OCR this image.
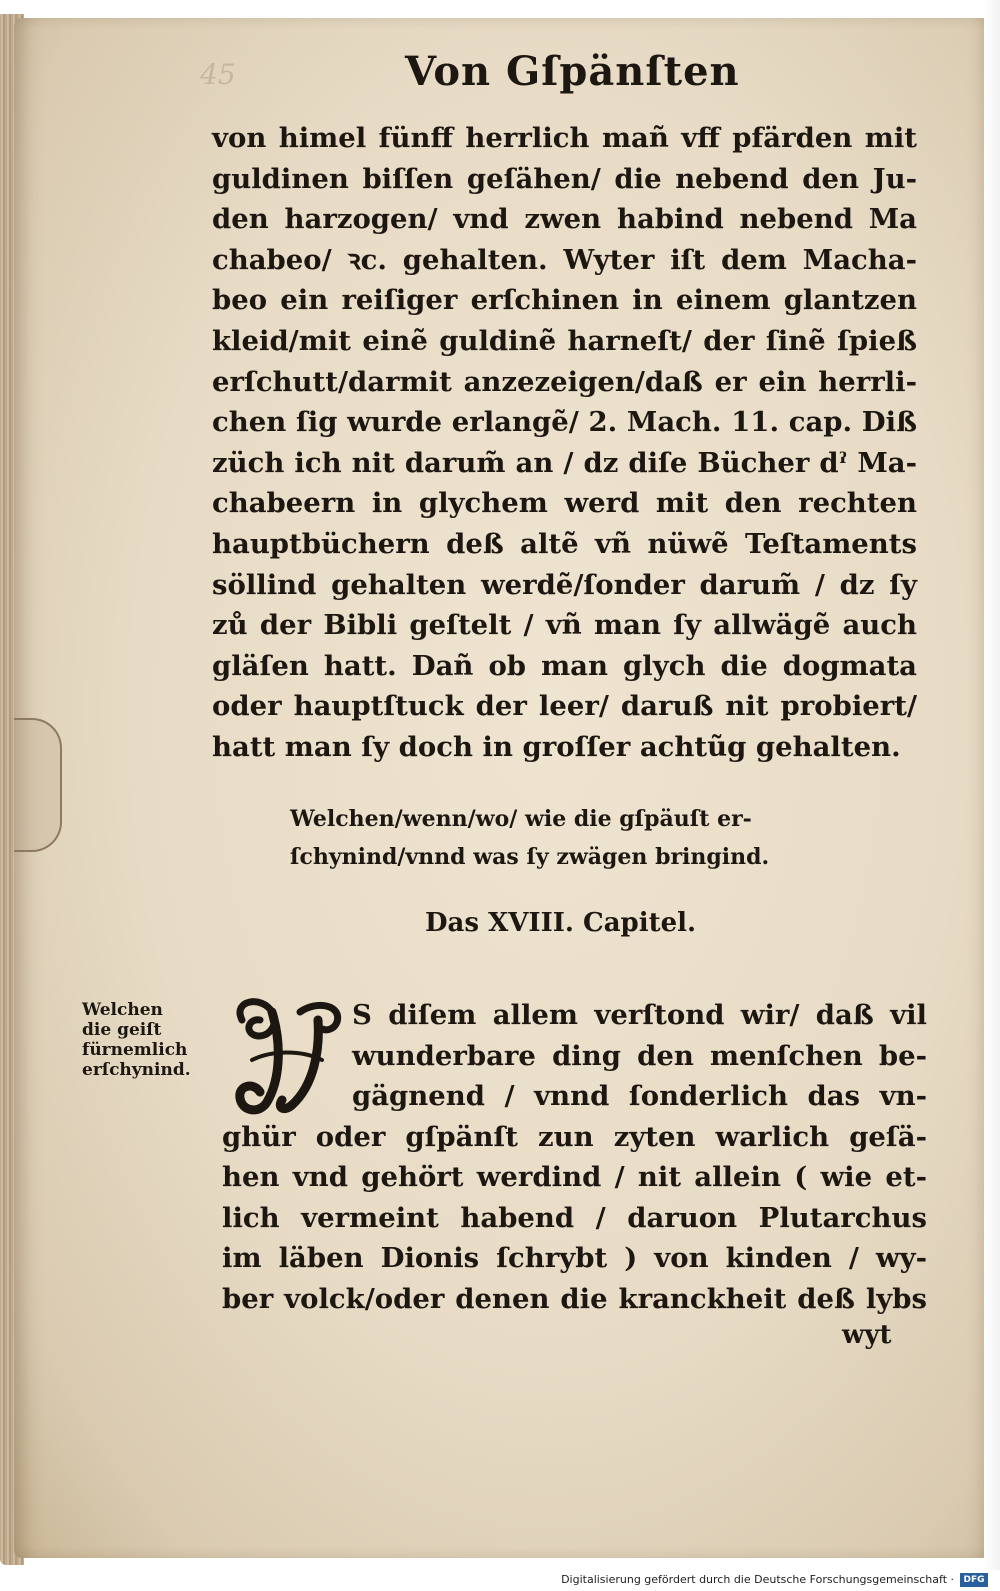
45	Von Gſpänſten
von himel fünff herrlich mañ vff pfärden mit
guldinen biſſen geſähen/ die nebend den Ju-
den harzogen/ vnd zwen habind nebend Ma
chabeo/ ꝛc. gehalten. Wyter iſt dem Macha-
beo ein reiſiger erſchinen in einem glantzen
kleid/mit einẽ guldinẽ harneſt/ der ſinẽ ſpieß
erſchutt/darmit anzezeigen/daß er ein herrli-
chen ſig wurde erlangẽ/ 2. Mach. 11. cap. Diß
züch ich nit darum̃ an / dz diſe Bücher dˀ Ma-
chabeern in glychem werd mit den rechten
hauptbüchern deß altẽ vñ nüwẽ Teſtaments
söllind gehalten werdẽ/ſonder darum̃ / dz ſy
zů der Bibli geſtelt / vñ man ſy allwägẽ auch
gläſen hatt. Dañ ob man glych die dogmata
oder hauptſtuck der leer/ daruß nit probiert/
hatt man ſy doch in groſſer achtũg gehalten.
Welchen/wenn/wo/ wie die gſpäuſt er-
ſchynind/vnnd was ſy zwägen bringind.
Das XVIII. Capitel.
Welchen
die geiſt
fürnemlich
erſchynind.
S diſem allem verſtond wir/ daß vil
wunderbare ding den menſchen be-
gägnend / vnnd ſonderlich das vn-
ghür oder gſpänſt zun zyten warlich geſä-
hen vnd gehört werdind / nit allein ( wie et-
lich vermeint habend / daruon Plutarchus
im läben Dionis ſchrybt ) von kinden / wy-
ber volck/oder denen die kranckheit deß lybs
wyt
Digitalisierung gefördert durch die Deutsche Forschungsgemeinschaft ·	DFG
